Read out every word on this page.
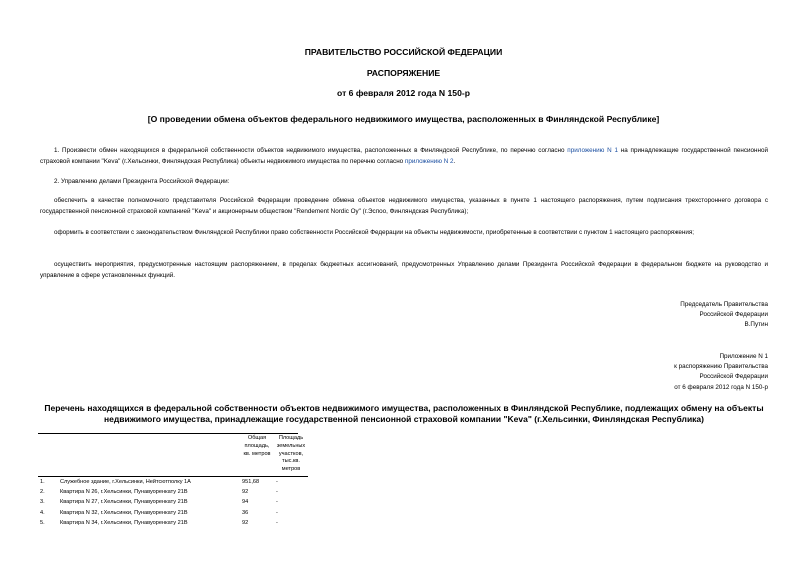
ПРАВИТЕЛЬСТВО РОССИЙСКОЙ ФЕДЕРАЦИИ
РАСПОРЯЖЕНИЕ
от 6 февраля 2012 года N 150-р
[О проведении обмена объектов федерального недвижимого имущества, расположенных в Финляндской Республике]
1. Произвести обмен находящихся в федеральной собственности объектов недвижимого имущества, расположенных в Финляндской Республике, по перечню согласно приложению N 1 на принадлежащие государственной пенсионной страховой компании "Keva" (г.Хельсинки, Финляндская Республика) объекты недвижимого имущества по перечню согласно приложению N 2.
2. Управлению делами Президента Российской Федерации:
обеспечить в качестве полномочного представителя Российской Федерации проведение обмена объектов недвижимого имущества, указанных в пункте 1 настоящего распоряжения, путем подписания трехстороннего договора с государственной пенсионной страховой компанией "Keva" и акционерным обществом "Rendement Nordic Oy" (г.Эспоо, Финляндская Республика);
оформить в соответствии с законодательством Финляндской Республики право собственности Российской Федерации на объекты недвижимости, приобретенные в соответствии с пунктом 1 настоящего распоряжения;
осуществить мероприятия, предусмотренные настоящим распоряжением, в пределах бюджетных ассигнований, предусмотренных Управлению делами Президента Российской Федерации в федеральном бюджете на руководство и управление в сфере установленных функций.
Председатель Правительства
Российской Федерации
В.Путин
Приложение N 1
к распоряжению Правительства
Российской Федерации
от 6 февраля 2012 года N 150-р
Перечень находящихся в федеральной собственности объектов недвижимого имущества, расположенных в Финляндской Республике, подлежащих обмену на объекты недвижимого имущества, принадлежащие государственной пенсионной страховой компании "Keva" (г.Хельсинки, Финляндская Республика)
		Общая площадь, кв. метров	Площадь земельных участков, тыс.кв. метров
1.	Служебное здание, г.Хельсинки, Нейтсютполку 1А	951,68	-
2.	Квартира N 26, г.Хельсинки, Пунавуоренкату 21В	92	-
3.	Квартира N 27, г.Хельсинки, Пунавуоренкату 21В	94	-
4.	Квартира N 32, г.Хельсинки, Пунавуоренкату 21В	36	-
5.	Квартира N 34, г.Хельсинки, Пунавуоренкату 21В	92	-
